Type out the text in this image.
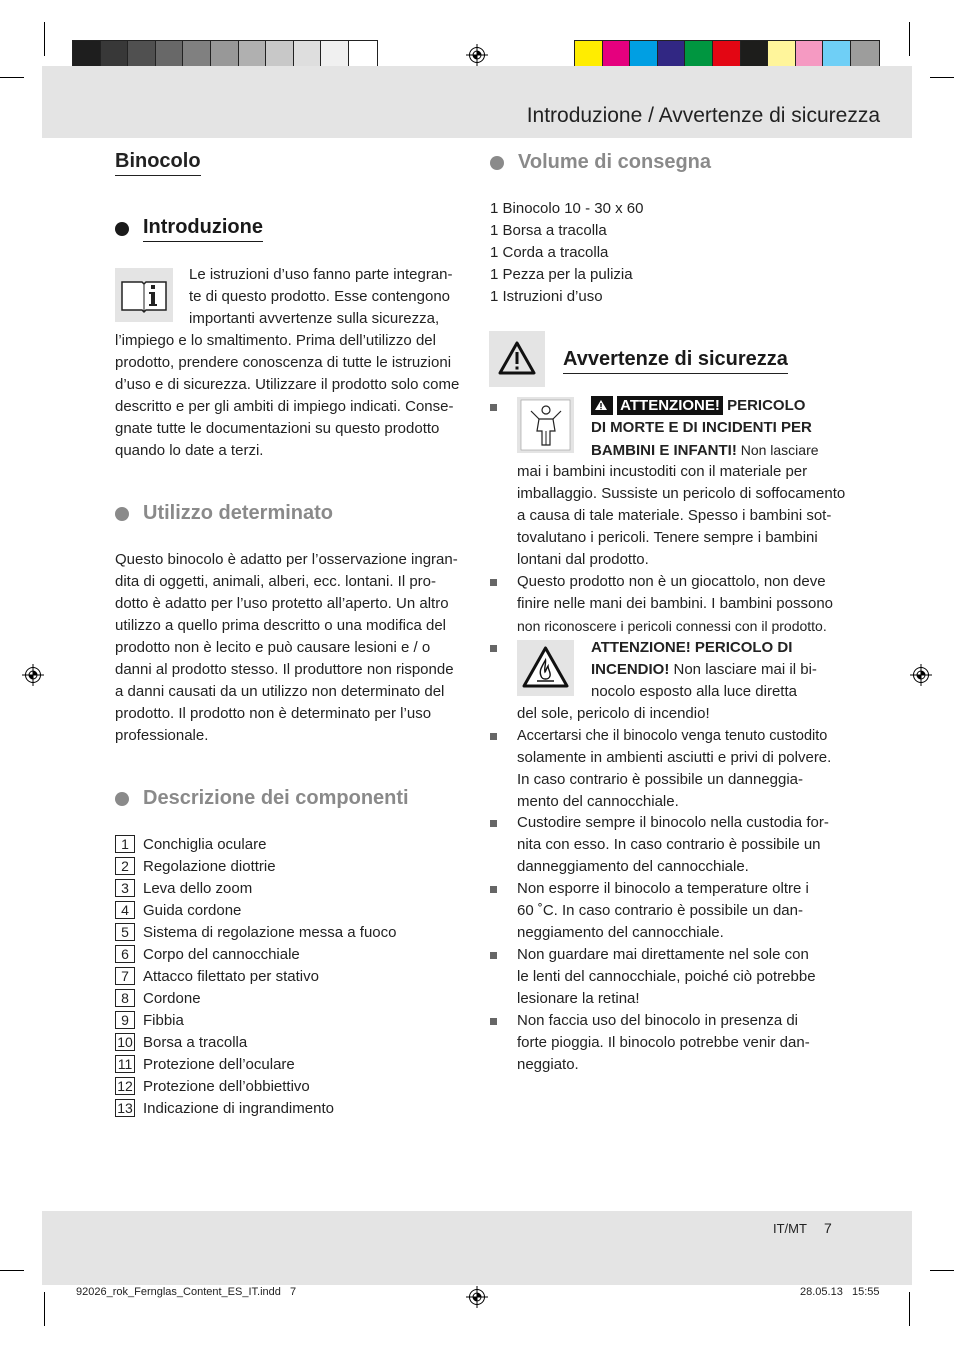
Introduzione / Avvertenze di sicurezza
Binocolo
Introduzione
Le istruzioni d’uso fanno parte integran-
te di questo prodotto. Esse contengono
importanti avvertenze sulla sicurezza,
l’impiego e lo smaltimento. Prima dell’utilizzo del
prodotto, prendere conoscenza di tutte le istruzioni
d’uso e di sicurezza. Utilizzare il prodotto solo come
descritto e per gli ambiti di impiego indicati. Conse-
gnate tutte le documentazioni su questo prodotto
quando lo date a terzi.
Utilizzo determinato
Questo binocolo è adatto per l’osservazione ingran-
dita di oggetti, animali, alberi, ecc. lontani. Il pro-
dotto è adatto per l’uso protetto all’aperto. Un altro
utilizzo a quello prima descritto o una modifica del
prodotto non è lecito e può causare lesioni e / o
danni al prodotto stesso. Il produttore non risponde
a danni causati da un utilizzo non determinato del
prodotto. Il prodotto non è determinato per l’uso
professionale.
Descrizione dei componenti
1 Conchiglia oculare
2 Regolazione diottrie
3 Leva dello zoom
4 Guida cordone
5 Sistema di regolazione messa a fuoco
6 Corpo del cannocchiale
7 Attacco filettato per stativo
8 Cordone
9 Fibbia
10 Borsa a tracolla
11 Protezione dell’oculare
12 Protezione dell’obbiettivo
13 Indicazione di ingrandimento
Volume di consegna
1 Binocolo 10 - 30 x 60
1 Borsa a tracolla
1 Corda a tracolla
1 Pezza per la pulizia
1 Istruzioni d’uso
Avvertenze di sicurezza
ATTENZIONE! PERICOLO
DI MORTE E DI INCIDENTI PER
BAMBINI E INFANTI! Non lasciare
mai i bambini incustoditi con il materiale per
imballaggio. Sussiste un pericolo di soffocamento
a causa di tale materiale. Spesso i bambini sot-
tovalutano i pericoli. Tenere sempre i bambini
lontani dal prodotto.
Questo prodotto non è un giocattolo, non deve
finire nelle mani dei bambini. I bambini possono
non riconoscere i pericoli connessi con il prodotto.
ATTENZIONE! PERICOLO DI
INCENDIO! Non lasciare mai il bi-
nocolo esposto alla luce diretta
del sole, pericolo di incendio!
Accertarsi che il binocolo venga tenuto custodito
solamente in ambienti asciutti e privi di polvere.
In caso contrario è possibile un danneggia-
mento del cannocchiale.
Custodire sempre il binocolo nella custodia for-
nita con esso. In caso contrario è possibile un
danneggiamento del cannocchiale.
Non esporre il binocolo a temperature oltre i
60 ˚C. In caso contrario è possibile un dan-
neggiamento del cannocchiale.
Non guardare mai direttamente nel sole con
le lenti del cannocchiale, poiché ciò potrebbe
lesionare la retina!
Non faccia uso del binocolo in presenza di
forte pioggia. Il binocolo potrebbe venir dan-
neggiato.
IT/MT 7
92026_rok_Fernglas_Content_ES_IT.indd   7	28.05.13   15:55
